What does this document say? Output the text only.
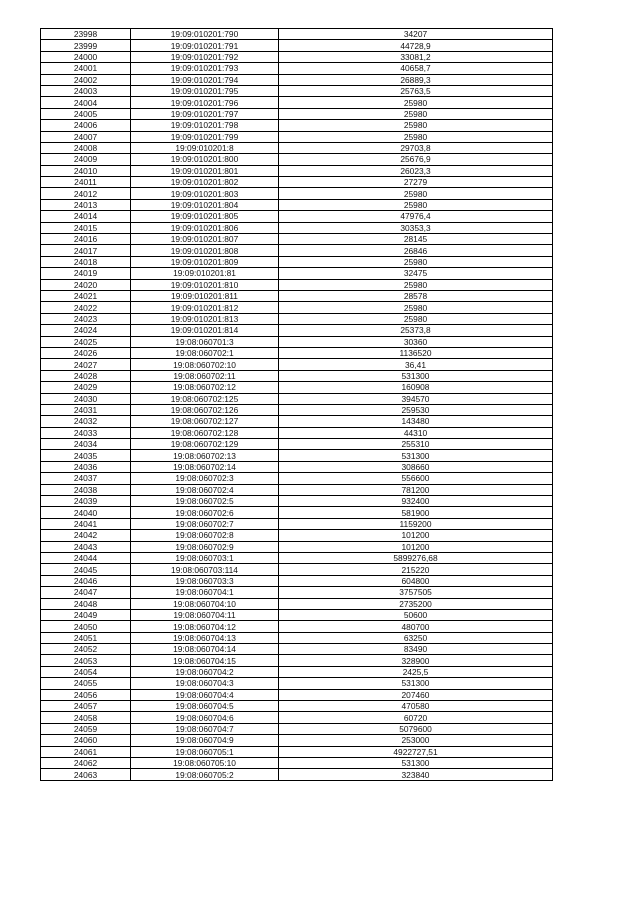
23998	19:09:010201:790	34207
23999	19:09:010201:791	44728,9
24000	19:09:010201:792	33081,2
24001	19:09:010201:793	40658,7
24002	19:09:010201:794	26889,3
24003	19:09:010201:795	25763,5
24004	19:09:010201:796	25980
24005	19:09:010201:797	25980
24006	19:09:010201:798	25980
24007	19:09:010201:799	25980
24008	19:09:010201:8	29703,8
24009	19:09:010201:800	25676,9
24010	19:09:010201:801	26023,3
24011	19:09:010201:802	27279
24012	19:09:010201:803	25980
24013	19:09:010201:804	25980
24014	19:09:010201:805	47976,4
24015	19:09:010201:806	30353,3
24016	19:09:010201:807	28145
24017	19:09:010201:808	26846
24018	19:09:010201:809	25980
24019	19:09:010201:81	32475
24020	19:09:010201:810	25980
24021	19:09:010201:811	28578
24022	19:09:010201:812	25980
24023	19:09:010201:813	25980
24024	19:09:010201:814	25373,8
24025	19:08:060701:3	30360
24026	19:08:060702:1	1136520
24027	19:08:060702:10	36,41
24028	19:08:060702:11	531300
24029	19:08:060702:12	160908
24030	19:08:060702:125	394570
24031	19:08:060702:126	259530
24032	19:08:060702:127	143480
24033	19:08:060702:128	44310
24034	19:08:060702:129	255310
24035	19:08:060702:13	531300
24036	19:08:060702:14	308660
24037	19:08:060702:3	556600
24038	19:08:060702:4	781200
24039	19:08:060702:5	932400
24040	19:08:060702:6	581900
24041	19:08:060702:7	1159200
24042	19:08:060702:8	101200
24043	19:08:060702:9	101200
24044	19:08:060703:1	5899276,68
24045	19:08:060703:114	215220
24046	19:08:060703:3	604800
24047	19:08:060704:1	3757505
24048	19:08:060704:10	2735200
24049	19:08:060704:11	50600
24050	19:08:060704:12	480700
24051	19:08:060704:13	63250
24052	19:08:060704:14	83490
24053	19:08:060704:15	328900
24054	19:08:060704:2	2425,5
24055	19:08:060704:3	531300
24056	19:08:060704:4	207460
24057	19:08:060704:5	470580
24058	19:08:060704:6	60720
24059	19:08:060704:7	5079600
24060	19:08:060704:9	253000
24061	19:08:060705:1	4922727,51
24062	19:08:060705:10	531300
24063	19:08:060705:2	323840
